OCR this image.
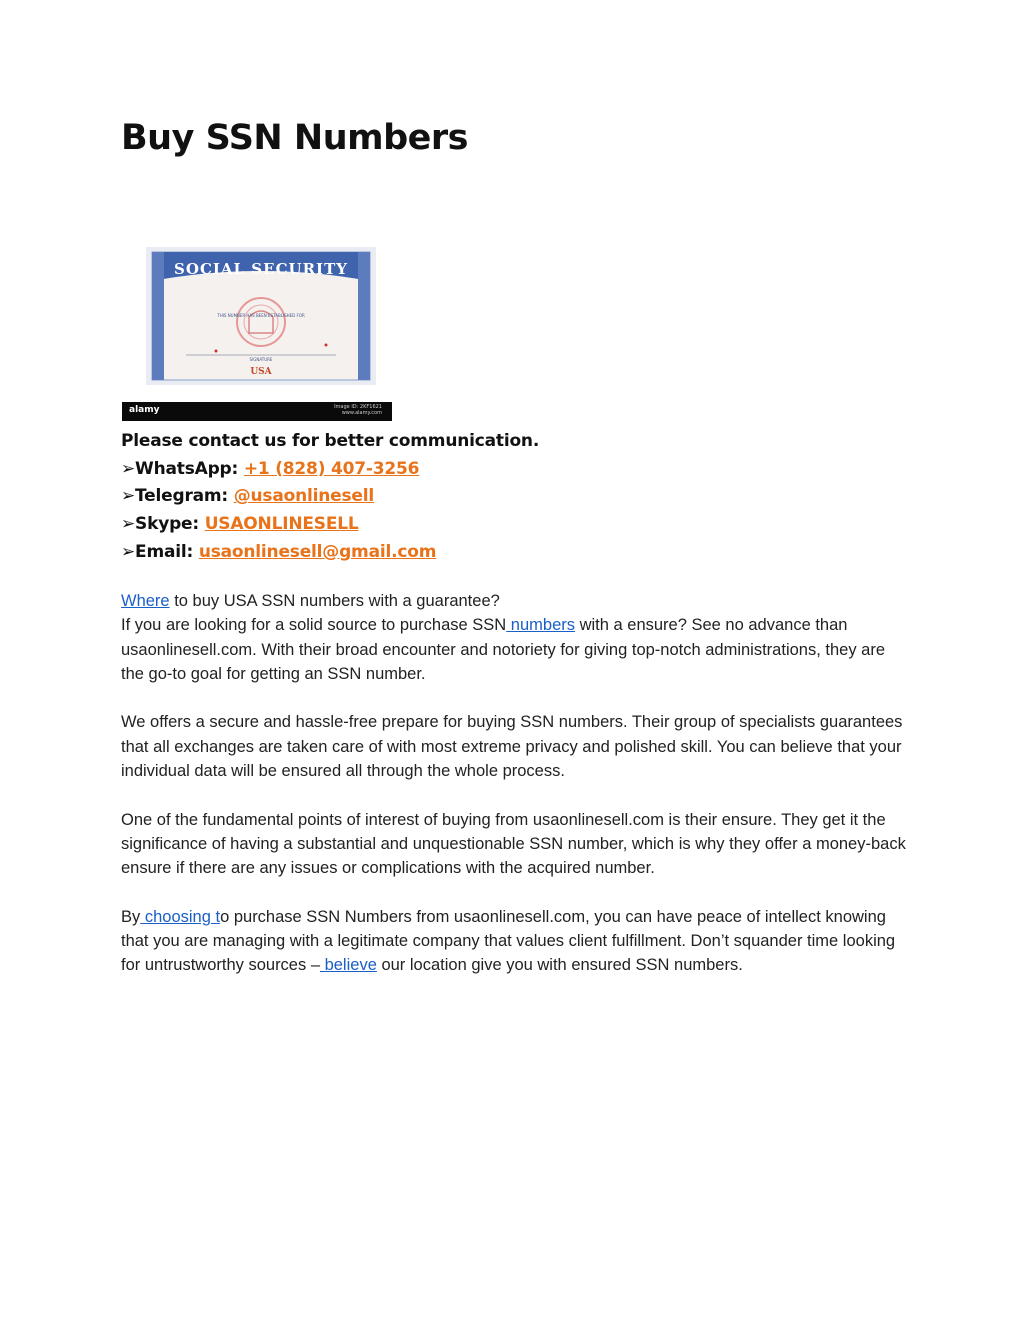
Buy SSN Numbers
SOCIAL SECURITY
THIS NUMBER HAS BEEN ESTABLISHED FOR
SIGNATURE
USA
alamy	Image ID: 2KF1621
www.alamy.com
Please contact us for better communication.
➢WhatsApp: +1 (828) 407-3256
➢Telegram: @usaonlinesell
➢Skype: USAONLINESELL
➢Email: usaonlinesell@gmail.com

Where to buy USA SSN numbers with a guarantee?
If you are looking for a solid source to purchase SSN numbers with a ensure? See no advance than usaonlinesell.com. With their broad encounter and notoriety for giving top-notch administrations, they are the go-to goal for getting an SSN number.

We offers a secure and hassle-free prepare for buying SSN numbers. Their group of specialists guarantees that all exchanges are taken care of with most extreme privacy and polished skill. You can believe that your individual data will be ensured all through the whole process.

One of the fundamental points of interest of buying from usaonlinesell.com is their ensure. They get it the significance of having a substantial and unquestionable SSN number, which is why they offer a money-back ensure if there are any issues or complications with the acquired number.

By choosing to purchase SSN Numbers from usaonlinesell.com, you can have peace of intellect knowing that you are managing with a legitimate company that values client fulfillment. Don’t squander time looking for untrustworthy sources – believe our location give you with ensured SSN numbers.
